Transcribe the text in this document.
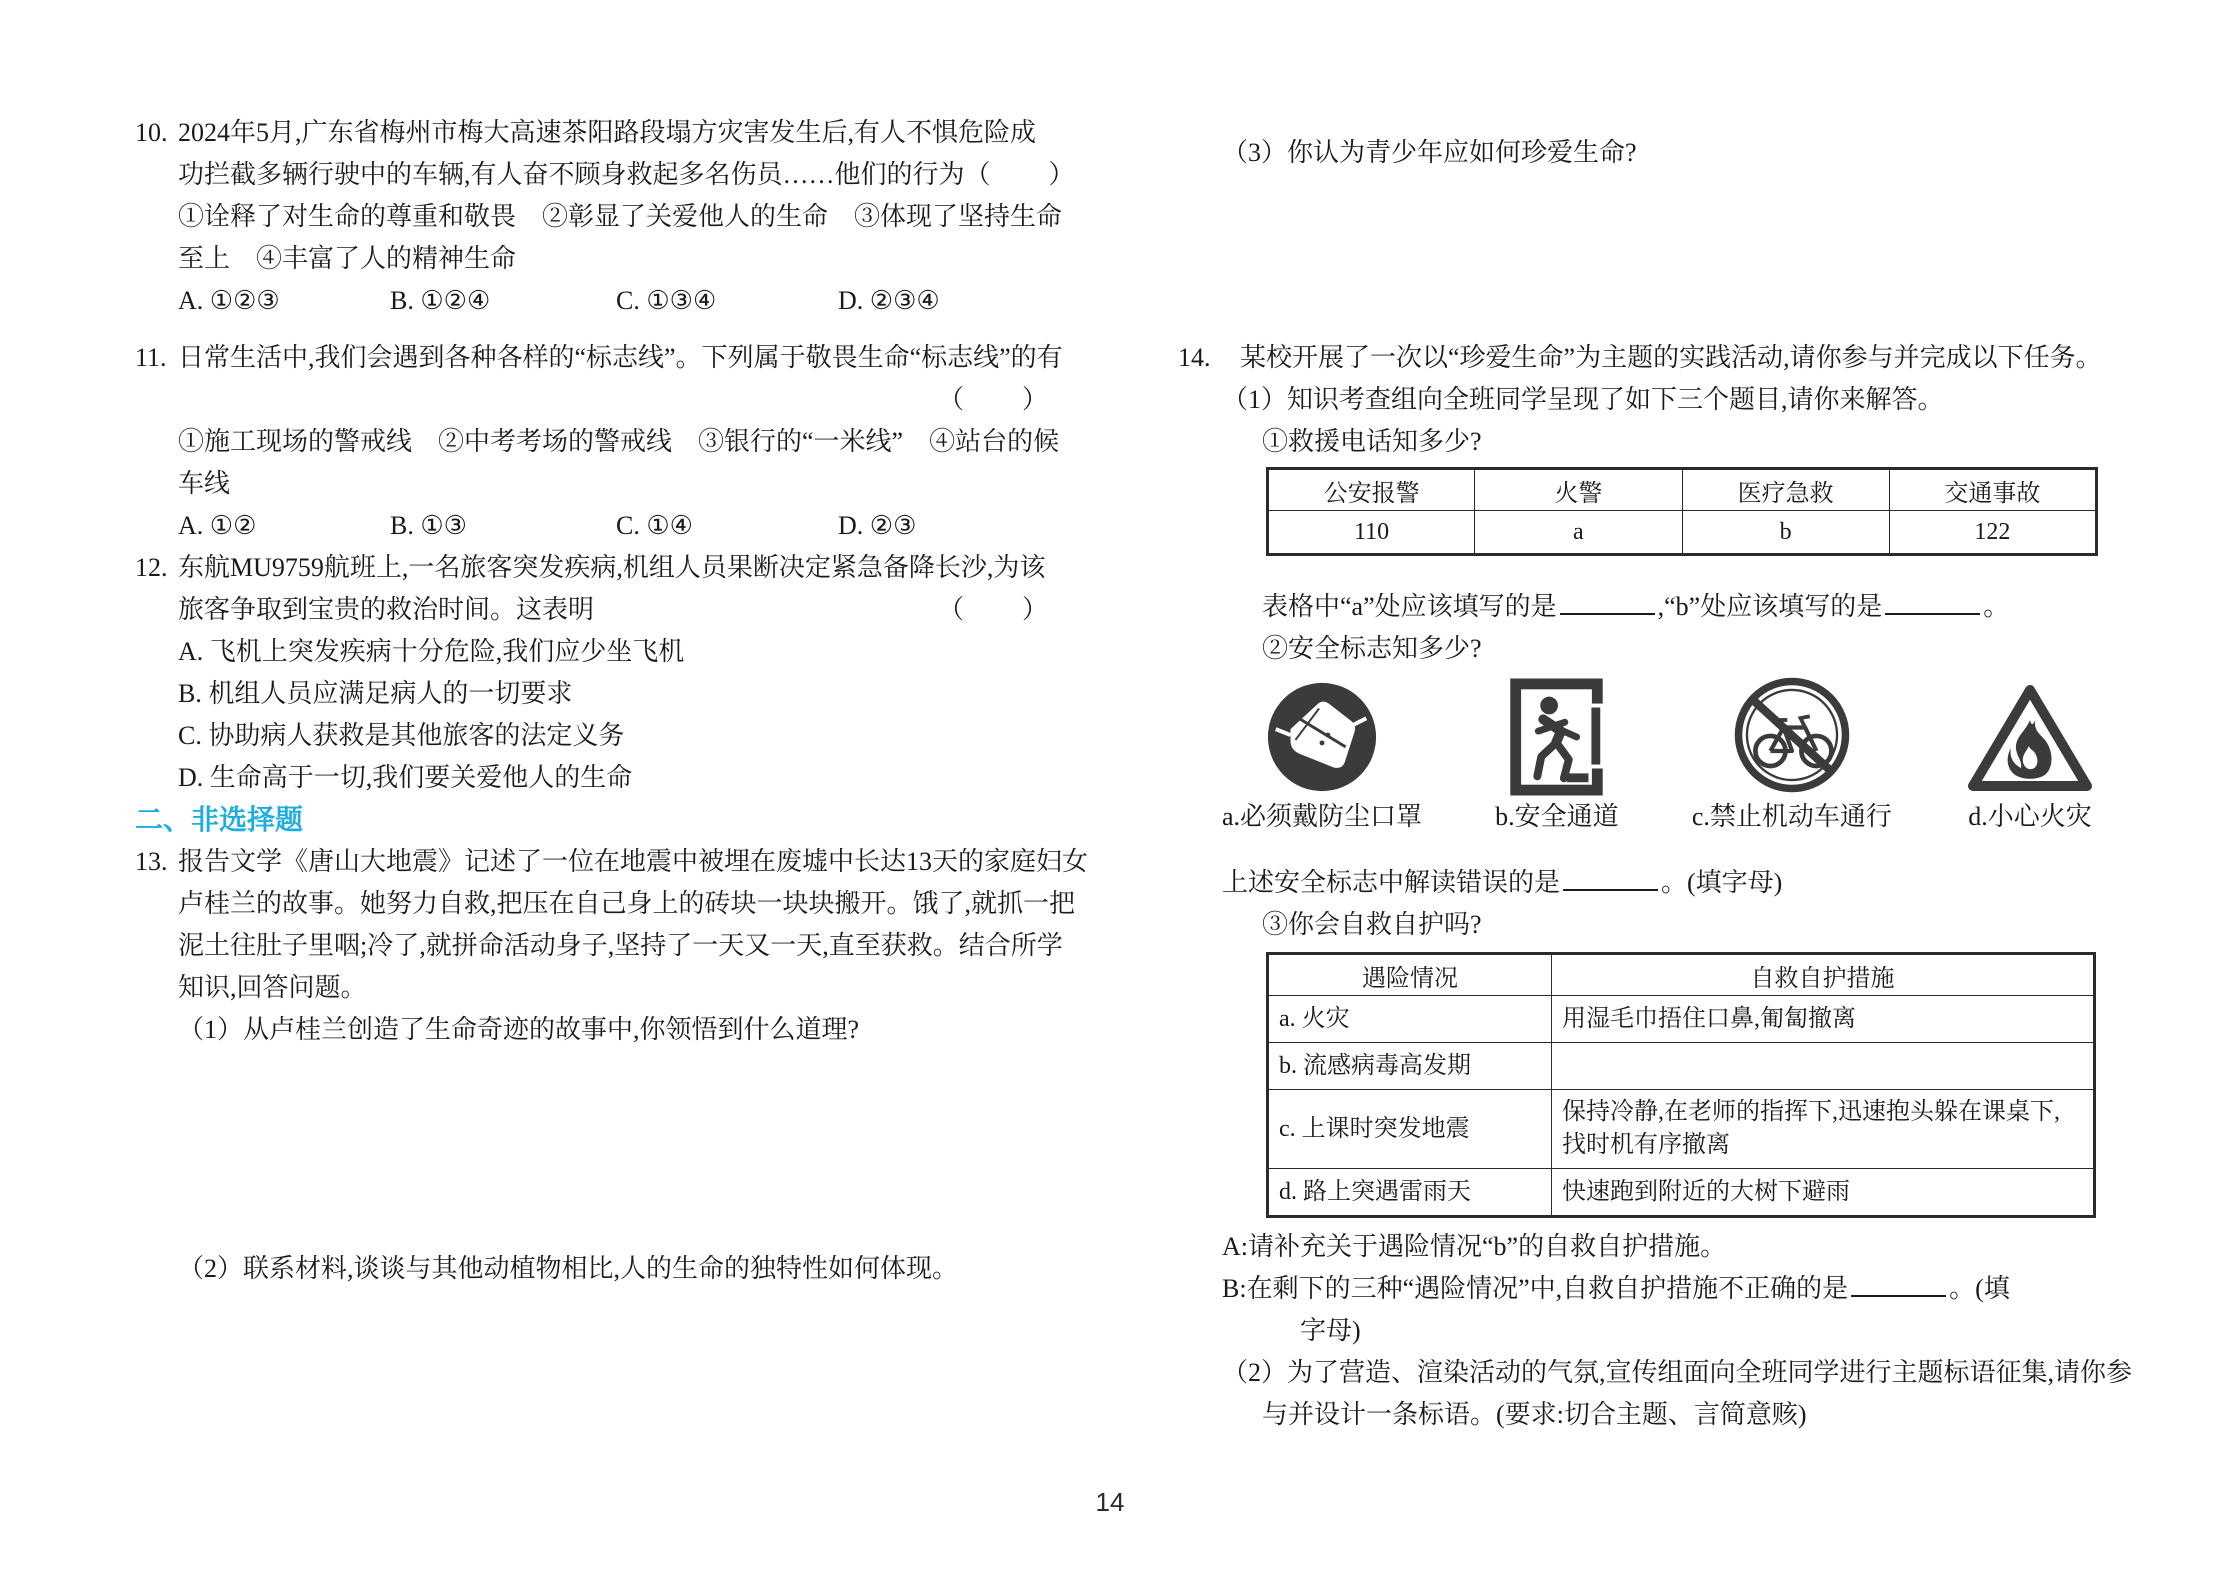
10. 2024年5月,广东省梅州市梅大高速茶阳路段塌方灾害发生后,有人不惧危险成
功拦截多辆行驶中的车辆,有人奋不顾身救起多名伤员……他们的行为 （　　）
①诠释了对生命的尊重和敬畏　②彰显了关爱他人的生命　③体现了坚持生命
至上　④丰富了人的精神生命
A. ①②③	B. ①②④	C. ①③④	D. ②③④
11. 日常生活中,我们会遇到各种各样的“标志线”。下列属于敬畏生命“标志线”的有
（　　）
①施工现场的警戒线　②中考考场的警戒线　③银行的“一米线”　④站台的候
车线
A. ①②	B. ①③	C. ①④	D. ②③
12. 东航MU9759航班上,一名旅客突发疾病,机组人员果断决定紧急备降长沙,为该
旅客争取到宝贵的救治时间。这表明	（　　）
A. 飞机上突发疾病十分危险,我们应少坐飞机
B. 机组人员应满足病人的一切要求
C. 协助病人获救是其他旅客的法定义务
D. 生命高于一切,我们要关爱他人的生命
二、非选择题
13. 报告文学《唐山大地震》记述了一位在地震中被埋在废墟中长达13天的家庭妇女
卢桂兰的故事。她努力自救,把压在自己身上的砖块一块块搬开。饿了,就抓一把
泥土往肚子里咽;冷了,就拼命活动身子,坚持了一天又一天,直至获救。结合所学
知识,回答问题。
（1）从卢桂兰创造了生命奇迹的故事中,你领悟到什么道理?
（2）联系材料,谈谈与其他动植物相比,人的生命的独特性如何体现。
（3）你认为青少年应如何珍爱生命?
14.	某校开展了一次以“珍爱生命”为主题的实践活动,请你参与并完成以下任务。
（1）知识考查组向全班同学呈现了如下三个题目,请你来解答。
①救援电话知多少?
公安报警	火警	医疗急救	交通事故
110	a	b	122
表格中“a”处应该填写的是	,“b”处应该填写的是	。
②安全标志知多少?
a.必须戴防尘口罩	b.安全通道	c.禁止机动车通行	d.小心火灾
上述安全标志中解读错误的是	。(填字母)
③你会自救自护吗?
遇险情况	自救自护措施
a. 火灾	用湿毛巾捂住口鼻,匍匐撤离
b. 流感病毒高发期	
c. 上课时突发地震	保持冷静,在老师的指挥下,迅速抱头躲在课桌下,找时机有序撤离
d. 路上突遇雷雨天	快速跑到附近的大树下避雨
A:请补充关于遇险情况“b”的自救自护措施。
B:在剩下的三种“遇险情况”中,自救自护措施不正确的是	。(填
字母)
（2）为了营造、渲染活动的气氛,宣传组面向全班同学进行主题标语征集,请你参
与并设计一条标语。(要求:切合主题、言简意赅)
14
